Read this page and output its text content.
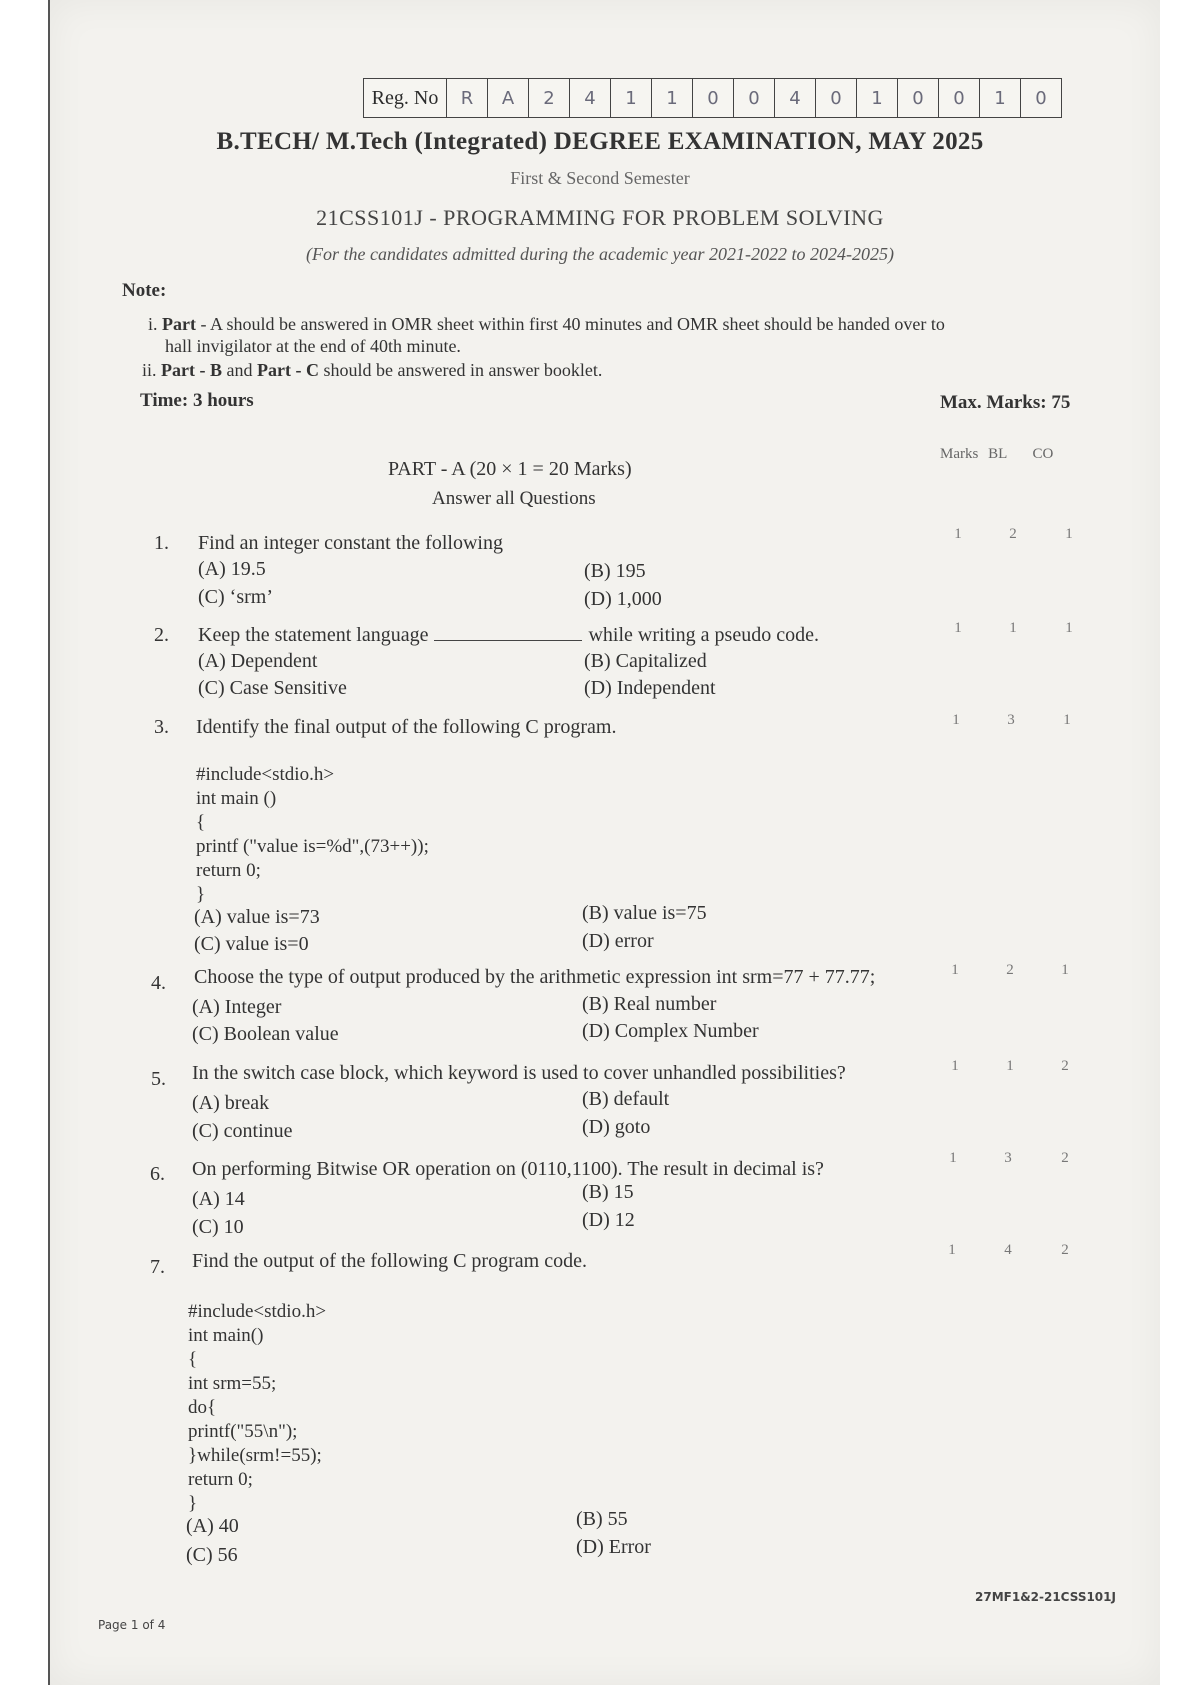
Reg. No	R	A	2	4	1	1	0	0	4	0	1	0	0	1	0
B.TECH/ M.Tech (Integrated) DEGREE EXAMINATION, MAY 2025
First & Second Semester
21CSS101J - PROGRAMMING FOR PROBLEM SOLVING
(For the candidates admitted during the academic year 2021-2022 to 2024-2025)
Note:
i. Part - A should be answered in OMR sheet within first 40 minutes and OMR sheet should be handed over to
hall invigilator at the end of 40th minute.
ii. Part - B and Part - C should be answered in answer booklet.
Time: 3 hours	Max. Marks: 75
Marks BL CO
PART - A (20 × 1 = 20 Marks)
Answer all Questions
1. Find an integer constant the following
(A) 19.5	(B) 195
(C) ‘srm’	(D) 1,000
1	2	1
2. Keep the statement language	while writing a pseudo code.
(A) Dependent	(B) Capitalized
(C) Case Sensitive	(D) Independent
1	1	1
3. Identify the final output of the following C program.
#include<stdio.h>
int main ()
{
printf ("value is=%d",(73++));
return 0;
}
(A) value is=73	(B) value is=75
(C) value is=0	(D) error
1	3	1
4. Choose the type of output produced by the arithmetic expression int srm=77 + 77.77;
(A) Integer	(B) Real number
(C) Boolean value	(D) Complex Number
1	2	1
5. In the switch case block, which keyword is used to cover unhandled possibilities?
(A) break	(B) default
(C) continue	(D) goto
1	1	2
6. On performing Bitwise OR operation on (0110,1100). The result in decimal is?
(A) 14	(B) 15
(C) 10	(D) 12
1	3	2
7. Find the output of the following C program code.
#include<stdio.h>
int main()
{
int srm=55;
do{
printf("55\n");
}while(srm!=55);
return 0;
}
(A) 40	(B) 55
(C) 56	(D) Error
1	4	2
Page 1 of 4
27MF1&2-21CSS101J
